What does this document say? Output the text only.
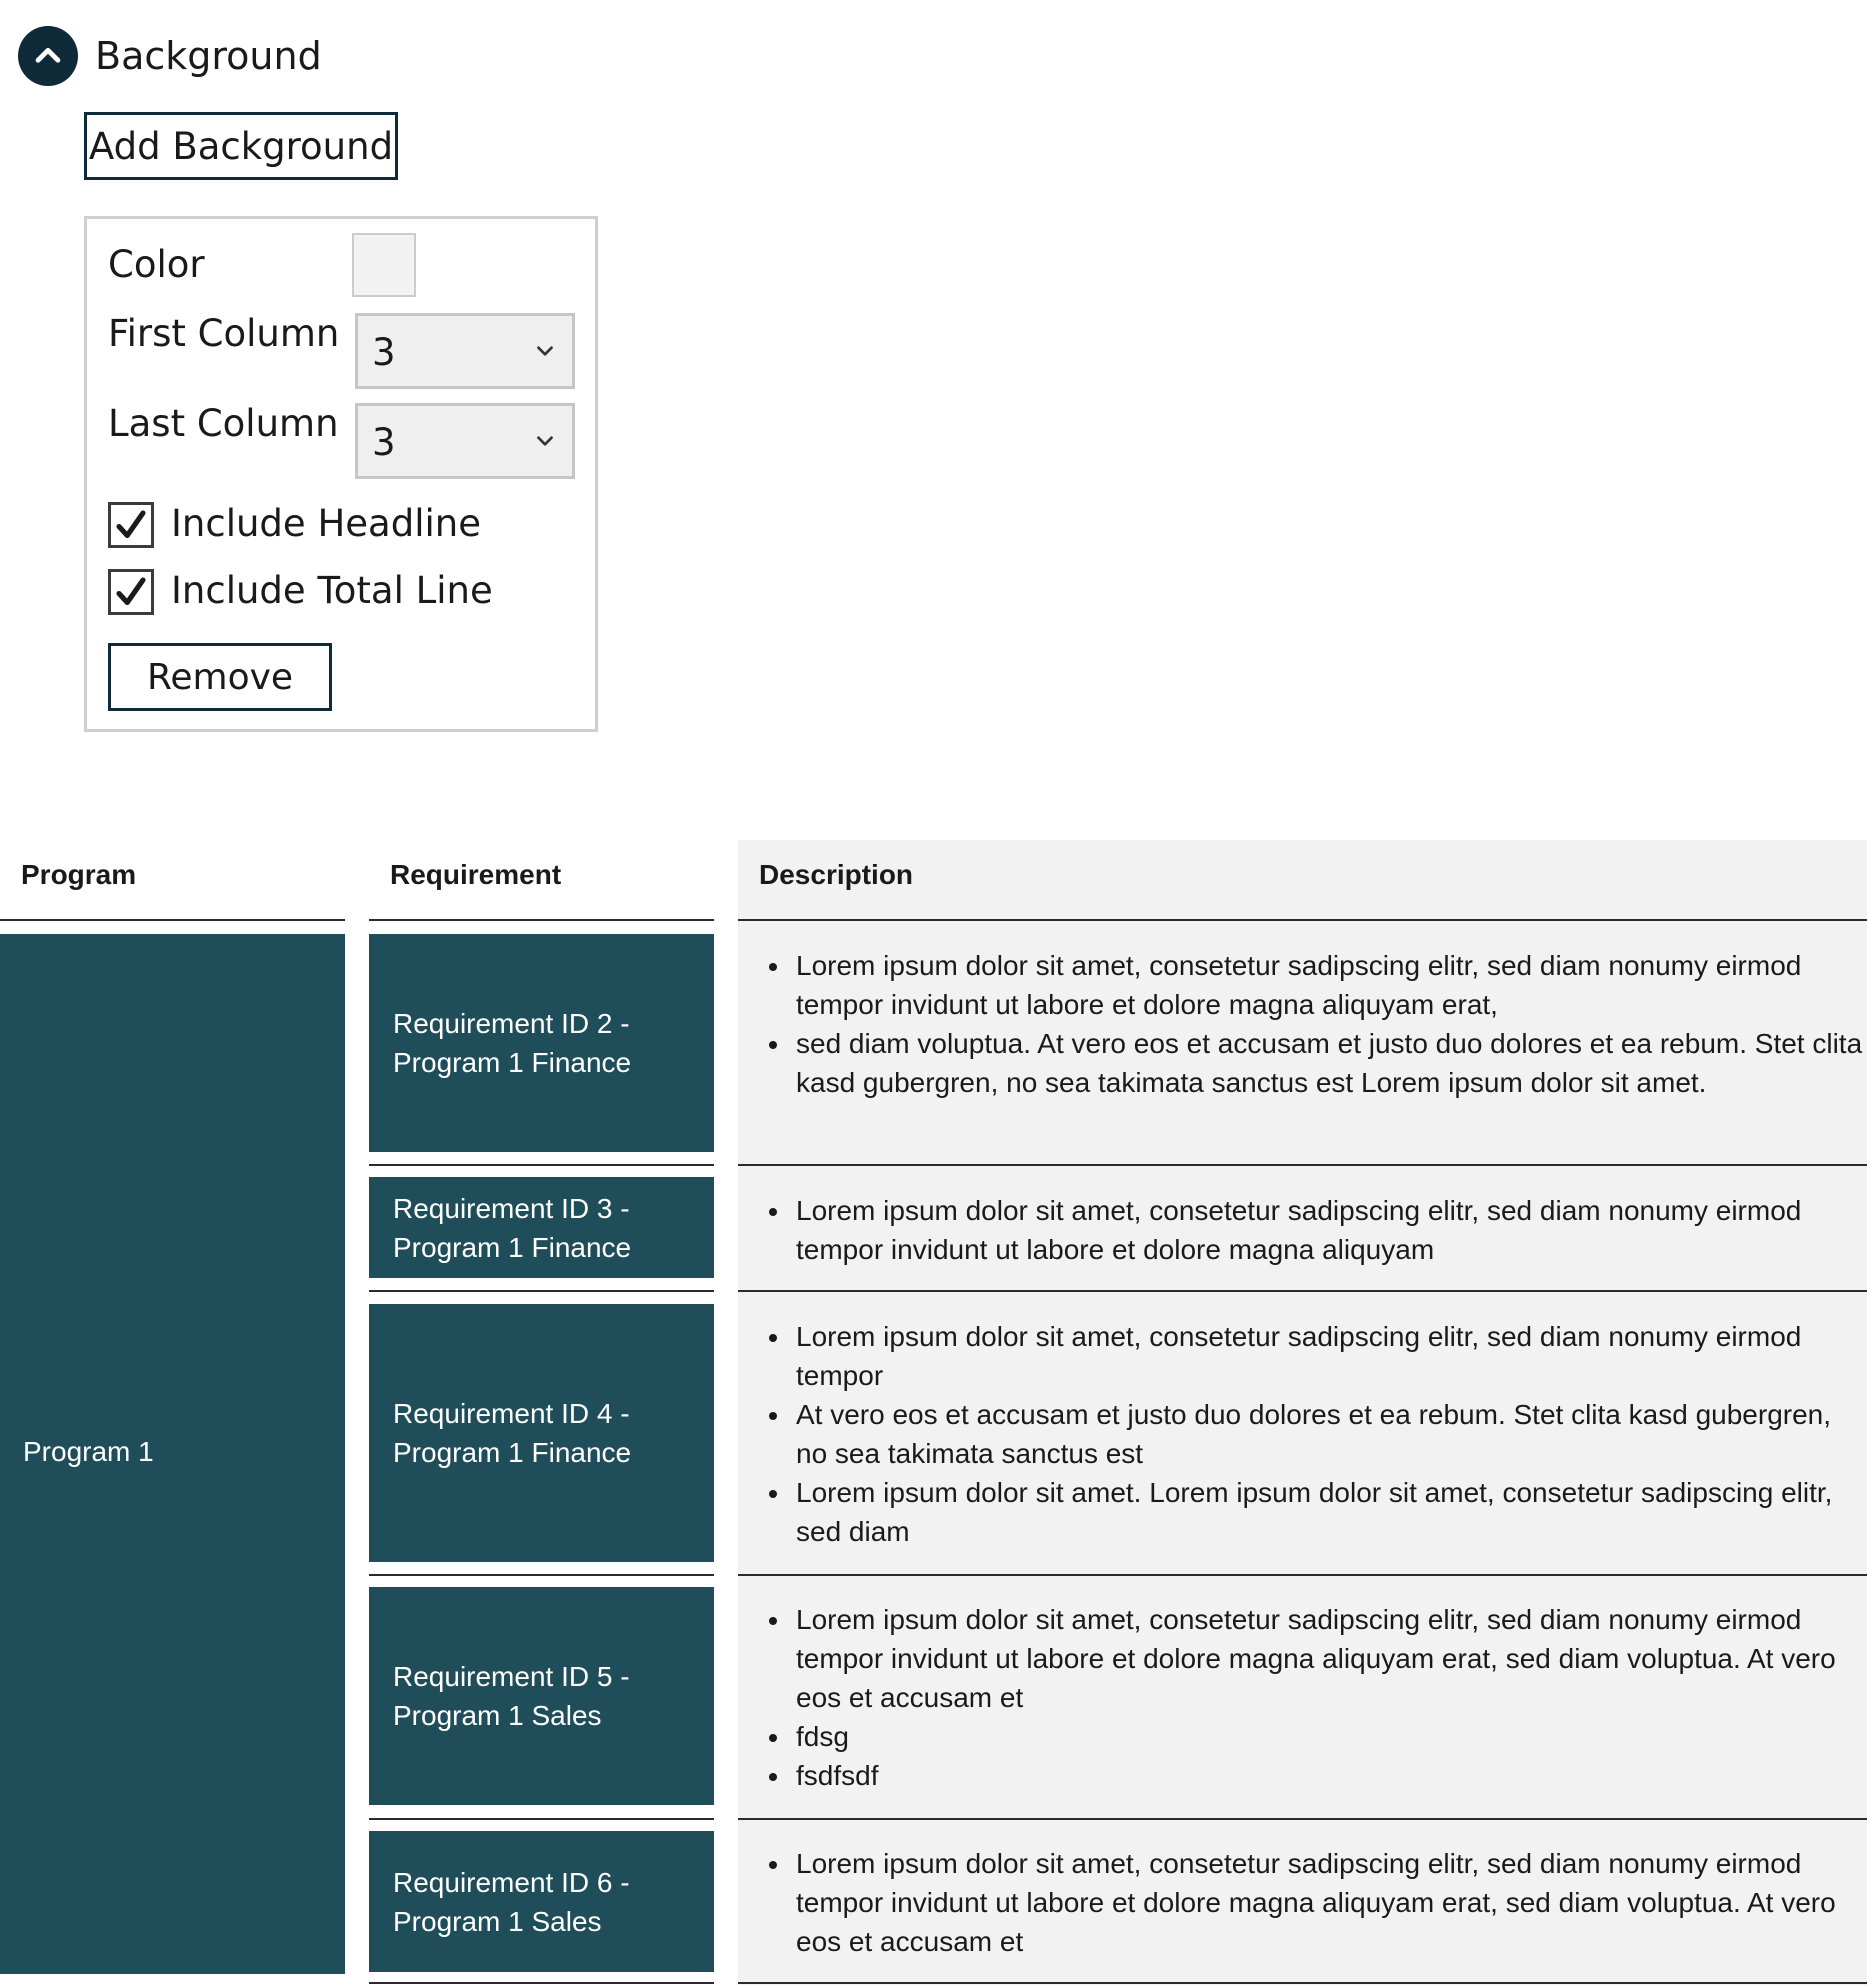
Background
Add Background
Color
First Column 3
Last Column 3
Include Headline
Include Total Line
Remove
Program	Requirement	Description
Program 1
Requirement ID 2 - Program 1 Finance
• Lorem ipsum dolor sit amet, consetetur sadipscing elitr, sed diam nonumy eirmod tempor invidunt ut labore et dolore magna aliquyam erat,
• sed diam voluptua. At vero eos et accusam et justo duo dolores et ea rebum. Stet clita kasd gubergren, no sea takimata sanctus est Lorem ipsum dolor sit amet.
Requirement ID 3 - Program 1 Finance
• Lorem ipsum dolor sit amet, consetetur sadipscing elitr, sed diam nonumy eirmod tempor invidunt ut labore et dolore magna aliquyam
Requirement ID 4 - Program 1 Finance
• Lorem ipsum dolor sit amet, consetetur sadipscing elitr, sed diam nonumy eirmod tempor
• At vero eos et accusam et justo duo dolores et ea rebum. Stet clita kasd gubergren, no sea takimata sanctus est
• Lorem ipsum dolor sit amet. Lorem ipsum dolor sit amet, consetetur sadipscing elitr, sed diam
Requirement ID 5 - Program 1 Sales
• Lorem ipsum dolor sit amet, consetetur sadipscing elitr, sed diam nonumy eirmod tempor invidunt ut labore et dolore magna aliquyam erat, sed diam voluptua. At vero eos et accusam et
• fdsg
• fsdfsdf
Requirement ID 6 - Program 1 Sales
• Lorem ipsum dolor sit amet, consetetur sadipscing elitr, sed diam nonumy eirmod tempor invidunt ut labore et dolore magna aliquyam erat, sed diam voluptua. At vero eos et accusam et
